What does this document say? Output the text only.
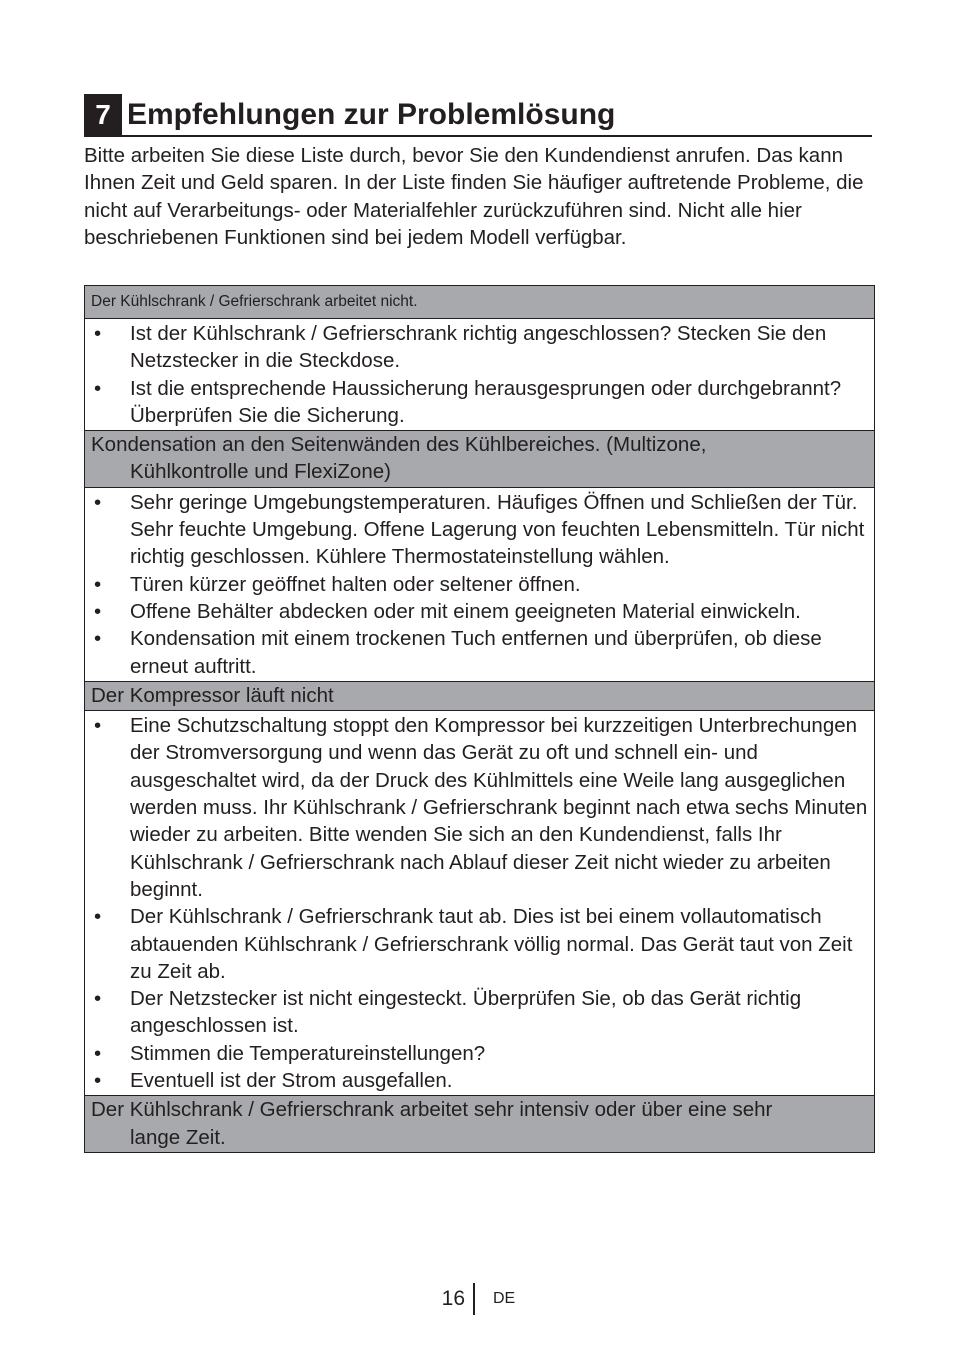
7 Empfehlungen zur Problemlösung

Bitte arbeiten Sie diese Liste durch, bevor Sie den Kundendienst anrufen. Das kann Ihnen Zeit und Geld sparen. In der Liste finden Sie häufiger auftretende Probleme, die nicht auf Verarbeitungs- oder Materialfehler zurückzuführen sind. Nicht alle hier beschriebenen Funktionen sind bei jedem Modell verfügbar.

Der Kühlschrank / Gefrierschrank arbeitet nicht.

• Ist der Kühlschrank / Gefrierschrank richtig angeschlossen? Stecken Sie den Netzstecker in die Steckdose.
• Ist die entsprechende Haussicherung herausgesprungen oder durchgebrannt? Überprüfen Sie die Sicherung.

Kondensation an den Seitenwänden des Kühlbereiches. (Multizone,
Kühlkontrolle und FlexiZone)

• Sehr geringe Umgebungstemperaturen. Häufiges Öffnen und Schließen der Tür. Sehr feuchte Umgebung. Offene Lagerung von feuchten Lebensmitteln. Tür nicht richtig geschlossen. Kühlere Thermostateinstellung wählen.
• Türen kürzer geöffnet halten oder seltener öffnen.
• Offene Behälter abdecken oder mit einem geeigneten Material einwickeln.
• Kondensation mit einem trockenen Tuch entfernen und überprüfen, ob diese erneut auftritt.

Der Kompressor läuft nicht

• Eine Schutzschaltung stoppt den Kompressor bei kurzzeitigen Unterbrechungen der Stromversorgung und wenn das Gerät zu oft und schnell ein- und ausgeschaltet wird, da der Druck des Kühlmittels eine Weile lang ausgeglichen werden muss. Ihr Kühlschrank / Gefrierschrank beginnt nach etwa sechs Minuten wieder zu arbeiten. Bitte wenden Sie sich an den Kundendienst, falls Ihr Kühlschrank / Gefrierschrank nach Ablauf dieser Zeit nicht wieder zu arbeiten beginnt.
• Der Kühlschrank / Gefrierschrank taut ab. Dies ist bei einem vollautomatisch abtauenden Kühlschrank / Gefrierschrank völlig normal. Das Gerät taut von Zeit zu Zeit ab.
• Der Netzstecker ist nicht eingesteckt. Überprüfen Sie, ob das Gerät richtig angeschlossen ist.
• Stimmen die Temperatureinstellungen?
• Eventuell ist der Strom ausgefallen.

Der Kühlschrank / Gefrierschrank arbeitet sehr intensiv oder über eine sehr
lange Zeit.
16 DE
